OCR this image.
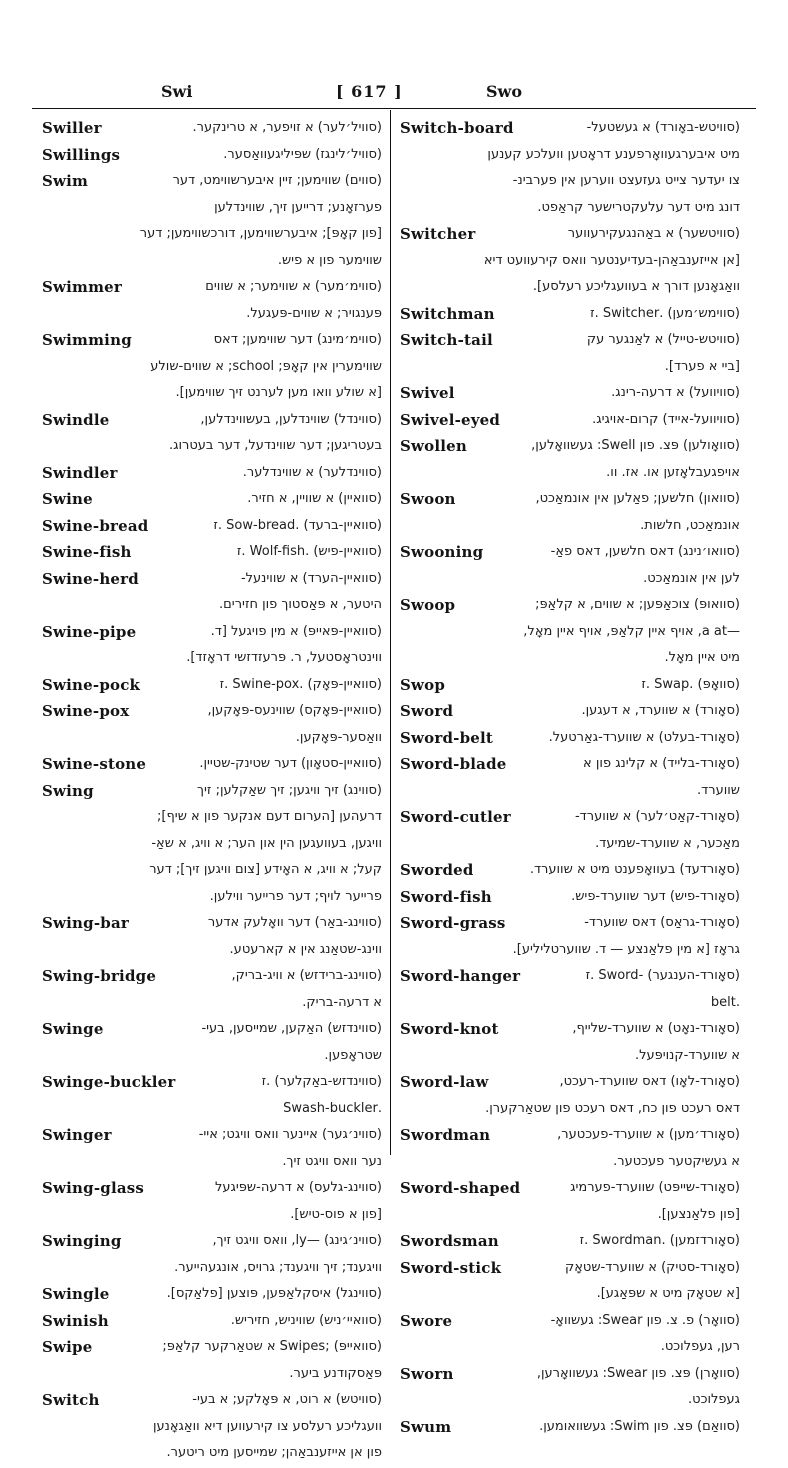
Swi	[ 617 ]	Swo
Swiller	(סוויל׳לער) א זויפער, א טרינקער.
Swillings	(סוויל׳לינגז) שפּיליגעוואַסער.
Swim	(סווים) שווימען; זיין איבערשווימט, דער
פערזאָנע; דרייען זיך, שווינדלען
[פון קאָפּ]; איבערשווימען, דורכשווימען; דער
שווימער פון א פיש.
Swimmer	(סווימ׳מער) א שווימער; א שווים
פּענגויר; א שווים-פּעגעל.
Swimming	(סווימ׳מינג) דער שווימען; דאס
שווימערין אין קאָפּ; school; א שווים-שולע
[א שולע וואו מען לערנט זיך שווימען].
Swindle	(סווינדל) שווינדלען, בעשווינדלען,
בעטריגען; דער שווינדעל, דער בעטרוג.
Swindler	(סווינדלער) א שווינדלער.
Swine	(סוואיין) א שוויין, א חזיר.
Swine-bread	(סוואיין-ברעד) .Sow-bread .ז
Swine-fish	(סוואיין-פיש) .Wolf-fish .ז
Swine-herd	(סוואיין-הערד) א שווינעל-
היטער, א פּאַסטוך פון חזירים.
Swine-pipe	(סוואיין-פּאייפּ) א מין פויגעל [ד.
ווינטראָסטעל, ר. פּרעזדזשי דראָזד].
Swine-pock	(סוואיין-פּאָק) .Swine-pox .ז
Swine-pox	(סוואיין-פּאָקס) שווינעס-פּאָקען,
וואַסער-פּאָקען.
Swine-stone	(סוואיין-סטאָון) דער שטינק-שטיין.
Swing	(סווינג) זיך וויגען; זיך שאַקלען; זיך
דרעהען [הערום דעם אנקער פון א שיף];
וויגען, בעוועגען הין און הער; א וויג, א שאַ-
קעל; א וויג, א האָידע [צום וויגען זיך]; דער
פרייער לויף; דער פרייער ווילען.
Swing-bar	(סווינג-באַר) דער וואָלעק אדער
ווינג-שטאַנג אין א קארעטע.
Swing-bridge	(סווינג-ברידזש) א וויג-בריק,
א דרעה-בריק.
Swinge	(סווינדזש) האַקען, שמייסען, בעי-
שטראָפען.
Swinge-buckler	(סווינדזש-באַקלער) .ז
.Swash-buckler
Swinger	(סווינ׳גער) איינער וואס וויגט; איי-
נער וואס וויגט זיך.
Swing-glass	(סווינג-גלעס) א דרעה-שפּיגעל
[פון א פוס-טיש].
Swinging	(סווינ׳גינג) —ly, וואס וויגט זיך,
וויגענד; זיך וויגענד; גרויס, אונגעהייער.
Swingle	(סווינגל) איסקלאַפּען, פּוצען [פלאַקס].
Swinish	(סוואיי׳ניש) שוויניש, חזיריש.
Swipe	(סוואייפּ) ;Swipes א שטאַרקער קלאַפּ;
פּאַסקודנע ביער.
Switch	(סוויטש) א רוט, א פּאָלקע; א בעי-
וועגליכע רעלסע צו קירעווען דיא וואַגאָנען
פון אן אייזענבאַהן; שמייסען מיט ריטער.
Switch-board	(סוויטש-באָורד) א געשטעל-
מיט איבערגעוואָרפענע דראָטען וועלכע קענען
צו יעדער צייט געזעצט ווערען אין פערבינ-
דונג מיט דער עלעקטרישער קראַפט.
Switcher	(סוויטשער) א באַהנגעקירעווער
[אן אייזענבאַהן-בעדיענטער וואס קירעוועט דיא
וואַגאָנען דורך א בעוועגליכע רעלסע].
Switchman	(סווימש׳מען) .Switcher .ז
Switch-tail	(סוויטש-טייל) א לאַנגער עק
[ביי א פערד].
Swivel	(סוויוועל) א דרעה-רינג.
Swivel-eyed	(סוויוועל-אייד) קרום-אויגיג.
Swollen	(סוואָולען) פּצ. פון Swell: געשוואָלען,
אויפגעבלאָזען או. אז. וו.
Swoon	(סוואון) חלשען; פאַלען אין אונמאַכט,
אונמאַכט, חלשות.
Swooning	(סוואו׳נינג) דאס חלשען, דאס פאַ-
לען אין אונמאַכט.
Swoop	(סוואופּ) צוכאַפּען; א שווים, א קלאַפּ;
—a at, אויף איין קלאַפּ, אויף איין מאָל,
מיט איין מאָל.
Swop	(סוואָפּ) .Swap .ז
Sword	(סאָורד) א שווערד, א דעגען.
Sword-belt	(סאָורד-בעלט) א שווערד-גאַרטעל.
Sword-blade	(סאָורד-בלייד) א קלינג פון א
שווערד.
Sword-cutler	(סאָורד-קאַט׳לער) א שווערד-
מאַכער, א שווערד-שמיעד.
Sworded	(סאָורדעד) בעוואָפענט מיט א שווערד.
Sword-fish	(סאָורד-פיש) דער שווערד-פיש.
Sword-grass	(סאָורד-גראַס) דאס שווערד-
גראָז [א מין פלאַנצע — ד. שווערטליליע].
Sword-hanger	(סאָורד-הענגער) -Sword .ז
.belt
Sword-knot	(סאָורד-נאָט) א שווערד-שלייף,
א שווערד-קנויפּעל.
Sword-law	(סאָורד-לאָו) דאס שווערד-רעכט,
דאס רעכט פון כח, דאס רעכט פון שטאַרקערן.
Swordman	(סאָורד׳מען) א שווערד-פעכטער,
א געשיקטער פעכטער.
Sword-shaped	(סאָורד-שייפּט) שווערד-פערמיג
[פון פלאַנצען].
Swordsman	(סאָורדזמען) .Swordman .ז
Sword-stick	(סאָורד-סטיק) א שווערד-שטאָק
[א שטאָק מיט א שפּאַגע].
Swore	(סוואָר) פ. צ. פון Swear: געשוואָ-
רען, געפלוכט.
Sworn	(סוואָרן) פּצ. פון Swear: געשוואָרען,
געפלוכט.
Swum	(סוואַם) פּצ. פון Swim: געשוואומען.
